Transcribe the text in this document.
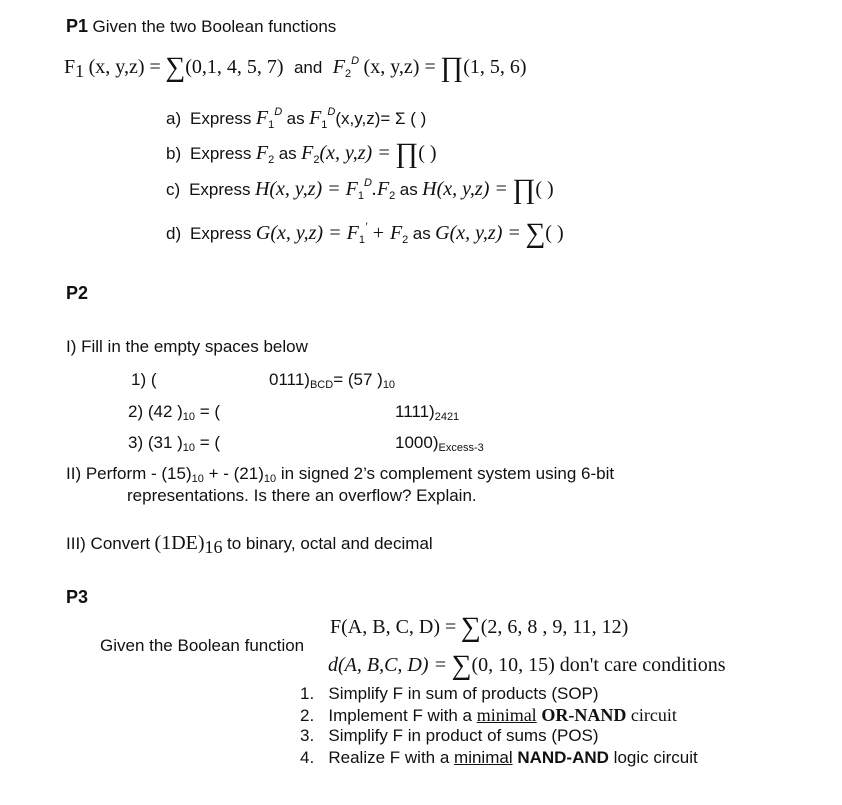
P1 Given the two Boolean functions
$F_1$ (x, y,z) = ∑(0,1, 4, 5, 7) and $F_2^D$ (x, y,z) = ∏(1, 5, 6)
a) Express $F_1^D$ as $F_1^D(x,y,z)= \Sigma$ ( )
b) Express $F_2$ as $F_2(x$, y,z) = ∏( )
c) Express H(x, $y,z) = F_1^D.F_2$ as H(x, y,z) = ∏( )
d) Express G(x, $y,z) = F_1' + F_2$ as G(x, y,z) = ∑( )
P2
I) Fill in the empty spaces below
1) (	0111)BCD= (57 )10
2) (42 )10 = (	1111)2421
3) (31 )10 = (	1000)Excess-3
II) Perform - (15)10 + - (21)10 in signed 2’s complement system using 6-bit
representations. Is there an overflow? Explain.
III) Convert $(1DE)_{16}$ to binary, octal and decimal
P3
Given the Boolean function
F(A, B, C, D) = ∑(2, 6, 8 , 9, 11, 12)
d(A, B,C, D) = ∑(0, 10, 15) don't care conditions
1. Simplify F in sum of products (SOP)
2. Implement F with a minimal OR-NAND circuit
3. Simplify F in product of sums (POS)
4. Realize F with a minimal NAND-AND logic circuit
